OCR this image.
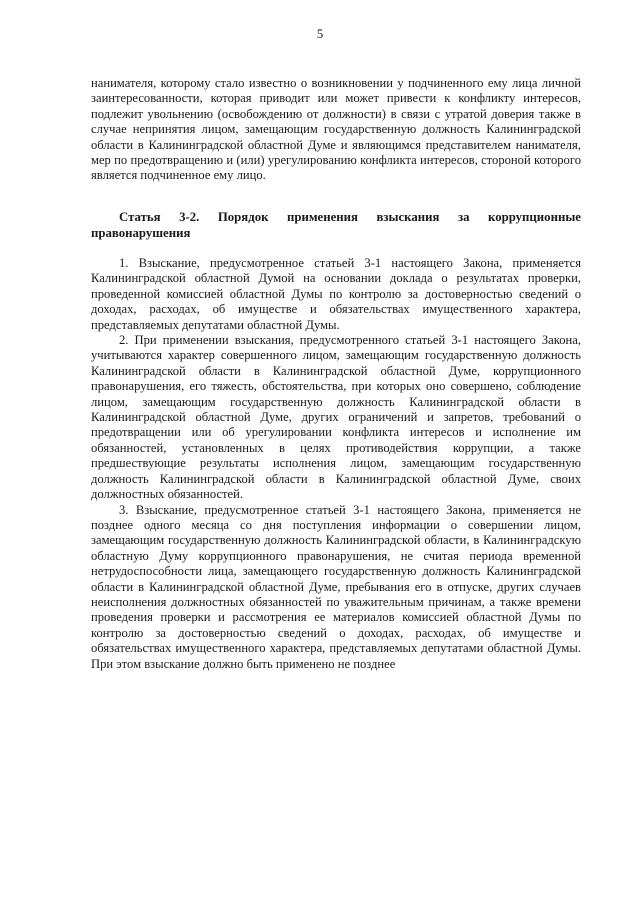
5

нанимателя, которому стало известно о возникновении у подчиненного ему лица личной заинтересованности, которая приводит или может привести к конфликту интересов, подлежит увольнению (освобождению от должности) в связи с утратой доверия также в случае непринятия лицом, замещающим государственную должность Калининградской области в Калининградской областной Думе и являющимся представителем нанимателя, мер по предотвращению и (или) урегулированию конфликта интересов, стороной которого является подчиненное ему лицо.

Статья 3-2. Порядок применения взыскания за коррупционные правонарушения

1. Взыскание, предусмотренное статьей 3-1 настоящего Закона, применяется Калининградской областной Думой на основании доклада о результатах проверки, проведенной комиссией областной Думы по контролю за достоверностью сведений о доходах, расходах, об имуществе и обязательствах имущественного характера, представляемых депутатами областной Думы.

2. При применении взыскания, предусмотренного статьей 3-1 настоящего Закона, учитываются характер совершенного лицом, замещающим государственную должность Калининградской области в Калининградской областной Думе, коррупционного правонарушения, его тяжесть, обстоятельства, при которых оно совершено, соблюдение лицом, замещающим государственную должность Калининградской области в Калининградской областной Думе, других ограничений и запретов, требований о предотвращении или об урегулировании конфликта интересов и исполнение им обязанностей, установленных в целях противодействия коррупции, а также предшествующие результаты исполнения лицом, замещающим государственную должность Калининградской области в Калининградской областной Думе, своих должностных обязанностей.

3. Взыскание, предусмотренное статьей 3-1 настоящего Закона, применяется не позднее одного месяца со дня поступления информации о совершении лицом, замещающим государственную должность Калининградской области, в Калининградскую областную Думу коррупционного правонарушения, не считая периода временной нетрудоспособности лица, замещающего государственную должность Калининградской области в Калининградской областной Думе, пребывания его в отпуске, других случаев неисполнения должностных обязанностей по уважительным причинам, а также времени проведения проверки и рассмотрения ее материалов комиссией областной Думы по контролю за достоверностью сведений о доходах, расходах, об имуществе и обязательствах имущественного характера, представляемых депутатами областной Думы. При этом взыскание должно быть применено не позднее
